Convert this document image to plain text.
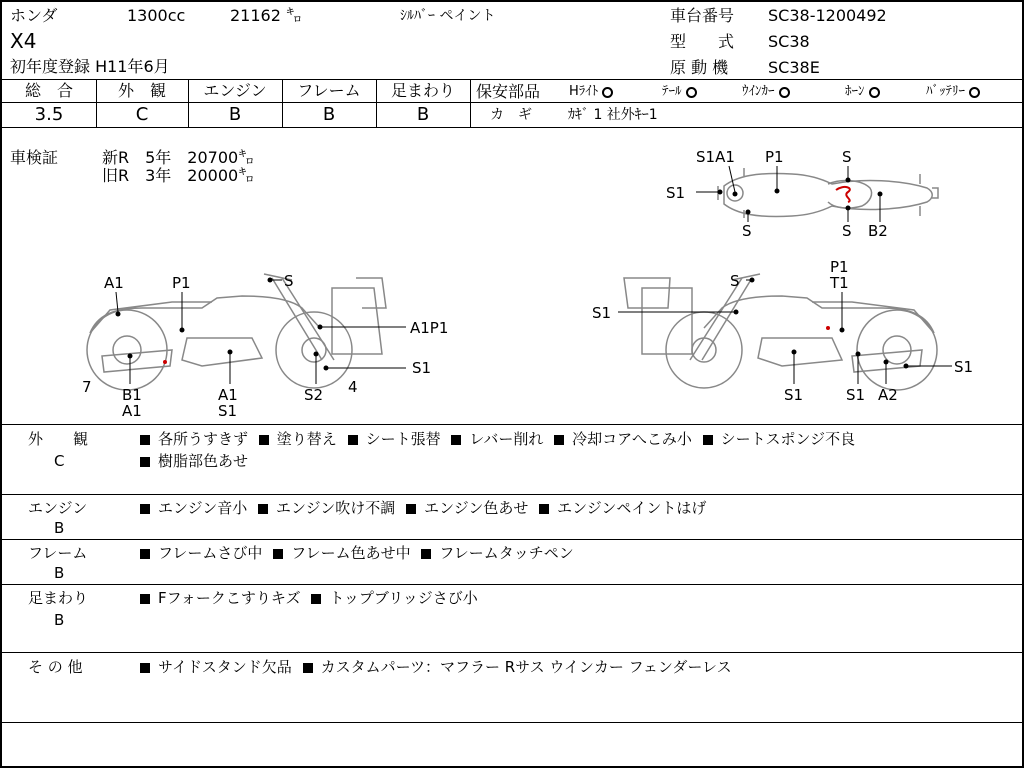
ホンダ	1300cc	21162 ㌔	ｼﾙﾊﾞｰ ペイント
X4
初年度登録 H11年6月
車台番号 SC38-1200492
型　　式 SC38
原 動 機 SC38E
総　合	外　観	エンジン	フレーム	足まわり
3.5	C	B	B	B
保安部品 Hﾗｲﾄ	ﾃｰﾙ	ｳｲﾝｶｰ	ﾎｰﾝ	ﾊﾞｯﾃﾘｰ
カ　ギ	ｶｷﾞ 1 社外ｷｰ1
車検証	新R　5年　20700㌔
旧R　3年　20000㌔
S1A1 P1	S
S1
S	S B2
A1	P1	S
A1P1
S1
7 B1
A1
A1
S1
S2 4
S
P1
T1
S1
S1	S1
S1
A2
外　　観
C
各所うすきず 塗り替え シート張替 レバー削れ 冷却コアへこみ小 シートスポンジ不良
樹脂部色あせ
エンジン
B
エンジン音小 エンジン吹け不調 エンジン色あせ エンジンペイントはげ
フレーム
B
フレームさび中 フレーム色あせ中 フレームタッチペン
足まわり
B
Fフォークこすりキズ トップブリッジさび小
そ の 他	サイドスタンド欠品 カスタムパーツ：マフラー Rサス ウインカー フェンダーレス
